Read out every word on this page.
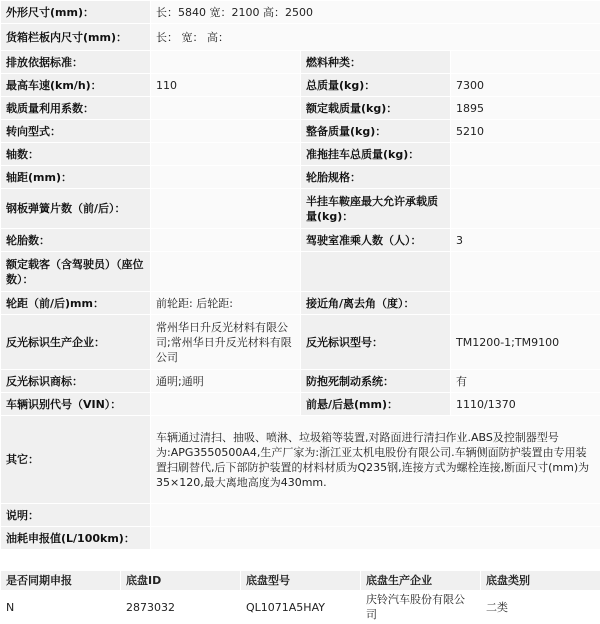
外形尺寸(mm)：	长：5840 宽：2100 高：2500		
货箱栏板内尺寸(mm)：	长： 宽： 高：		
排放依据标准：		燃料种类：	
最高车速(km/h)：	110	总质量(kg)：	7300
载质量利用系数：		额定载质量(kg)：	1895
转向型式：		整备质量(kg)：	5210
轴数：		准拖挂车总质量(kg)：	
轴距(mm)：		轮胎规格：	
钢板弹簧片数（前/后）：		半挂车鞍座最大允许承载质量(kg)：	
轮胎数：		驾驶室准乘人数（人）：	3
额定载客（含驾驶员）（座位数）：			
轮距（前/后)mm：	前轮距: 后轮距:	接近角/离去角（度）：	
反光标识生产企业：	常州华日升反光材料有限公司;常州华日升反光材料有限公司	反光标识型号：	TM1200-1;TM9100
反光标识商标：	通明;通明	防抱死制动系统：	有
车辆识别代号（VIN）：		前悬/后悬(mm)：	1110/1370
其它：	车辆通过清扫、抽吸、喷淋、垃圾箱等装置,对路面进行清扫作业.ABS及控制器型号为:APG3550500A4,生产厂家为:浙江亚太机电股份有限公司.车辆侧面防护装置由专用装置扫刷替代,后下部防护装置的材料材质为Q235钢,连接方式为螺栓连接,断面尺寸(mm)为35×120,最大离地高度为430mm.		
说明：			
油耗申报值(L/100km)：			
是否同期申报	底盘ID	底盘型号	底盘生产企业	底盘类别
N	2873032	QL1071A5HAY	庆铃汽车股份有限公司	二类
